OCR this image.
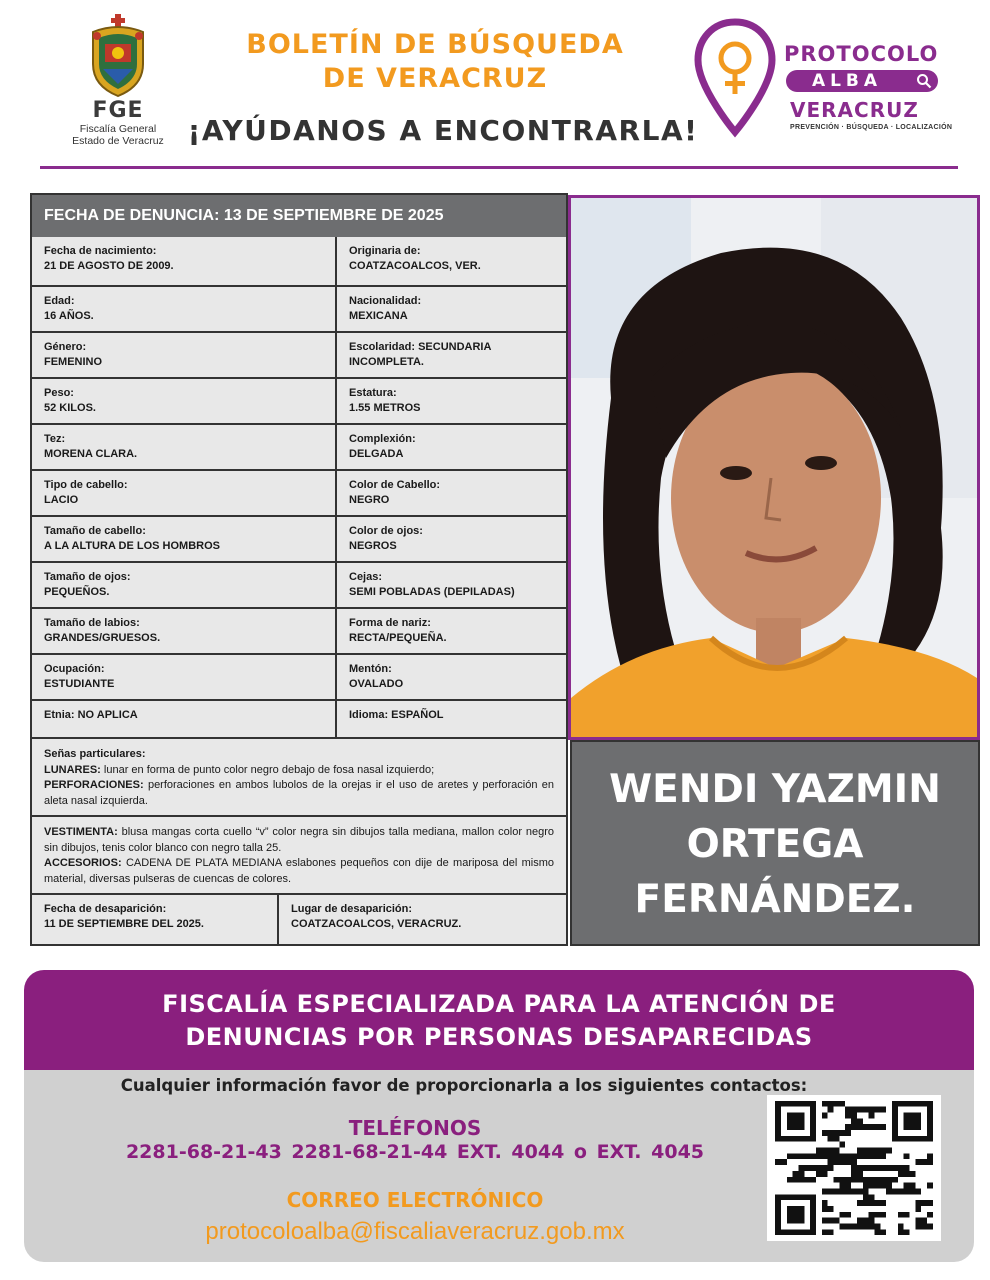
FGE
Fiscalía General
Estado de Veracruz
BOLETÍN DE BÚSQUEDA
DE VERACRUZ
¡AYÚDANOS A ENCONTRARLA!
PROTOCOLO
ALBA
VERACRUZ
PREVENCIÓN · BÚSQUEDA · LOCALIZACIÓN
FECHA DE DENUNCIA: 13 DE SEPTIEMBRE DE 2025
Fecha de nacimiento:
21 DE AGOSTO DE 2009.
Originaria de:
COATZACOALCOS, VER.
Edad:
16 AÑOS.
Nacionalidad:
MEXICANA
Género:
FEMENINO
Escolaridad: SECUNDARIA
INCOMPLETA.
Peso:
52 KILOS.
Estatura:
1.55 METROS
Tez:
MORENA CLARA.
Complexión:
DELGADA
Tipo de cabello:
LACIO
Color de Cabello:
NEGRO
Tamaño de cabello:
A LA ALTURA DE LOS HOMBROS
Color de ojos:
NEGROS
Tamaño de ojos:
PEQUEÑOS.
Cejas:
SEMI POBLADAS (DEPILADAS)
Tamaño de labios:
GRANDES/GRUESOS.
Forma de nariz:
RECTA/PEQUEÑA.
Ocupación:
ESTUDIANTE
Mentón:
OVALADO
Etnia: NO APLICA	Idioma: ESPAÑOL
Señas particulares:
LUNARES: lunar en forma de punto color negro debajo de fosa nasal izquierdo;
PERFORACIONES: perforaciones en ambos lubolos de la orejas ir el uso de aretes y perforación en aleta nasal izquierda.
VESTIMENTA: blusa mangas corta cuello “v” color negra sin dibujos talla mediana, mallon color negro sin dibujos, tenis color blanco con negro talla 25.
ACCESORIOS: CADENA DE PLATA MEDIANA eslabones pequeños con dije de mariposa del mismo material, diversas pulseras de cuencas de colores.
Fecha de desaparición:
11 DE SEPTIEMBRE DEL 2025.
Lugar de desaparición:
COATZACOALCOS, VERACRUZ.
WENDI YAZMIN
ORTEGA
FERNÁNDEZ.
FISCALÍA ESPECIALIZADA PARA LA ATENCIÓN DE
DENUNCIAS POR PERSONAS DESAPARECIDAS
Cualquier información favor de proporcionarla a los siguientes contactos:
TELÉFONOS
2281-68-21-43 2281-68-21-44 EXT. 4044 o EXT. 4045
CORREO ELECTRÓNICO
protocoloalba@fiscaliaveracruz.gob.mx
